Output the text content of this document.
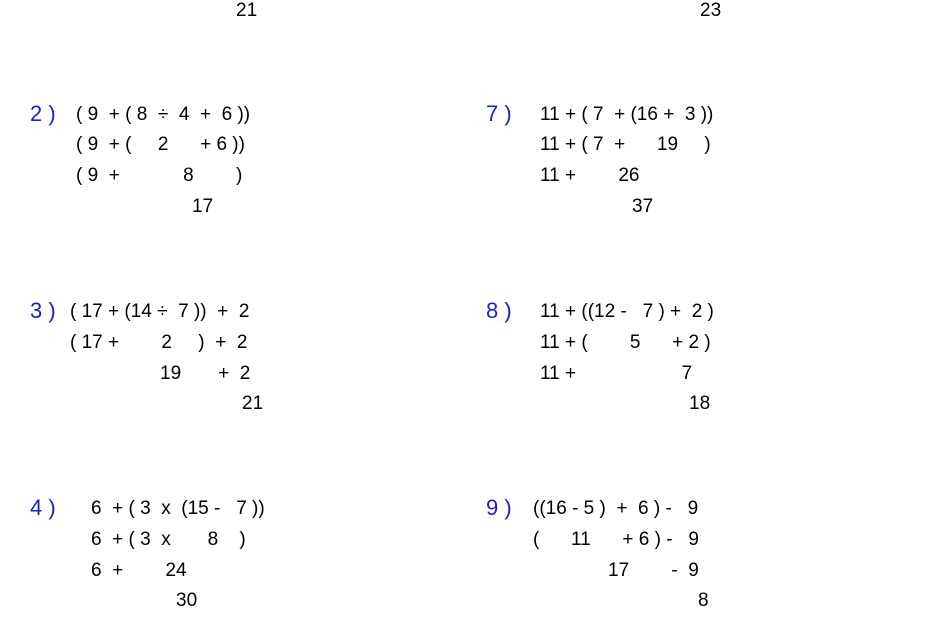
21	23
2 ) ( 9  + ( 8  ÷  4  +  6 ))
( 9  + (     2      + 6 ))
( 9  +            8        )
17
3 ) ( 17 + (14 ÷  7 ))  +  2
( 17 +        2     )  +  2
19       +  2
21
4 ) 6  + ( 3  x  (15 -   7 ))
6  + ( 3  x       8    )
6  +        24
30
7 ) 11 + ( 7  + (16 +  3 ))
11 + ( 7  +      19     )
11 +        26
37
8 ) 11 + ((12 -   7 ) +  2 )
11 + (        5      + 2 )
11 +                    7
18
9 ) ((16 - 5 )  +  6 ) -   9
(      11      + 6 ) -   9
17        -  9
8
